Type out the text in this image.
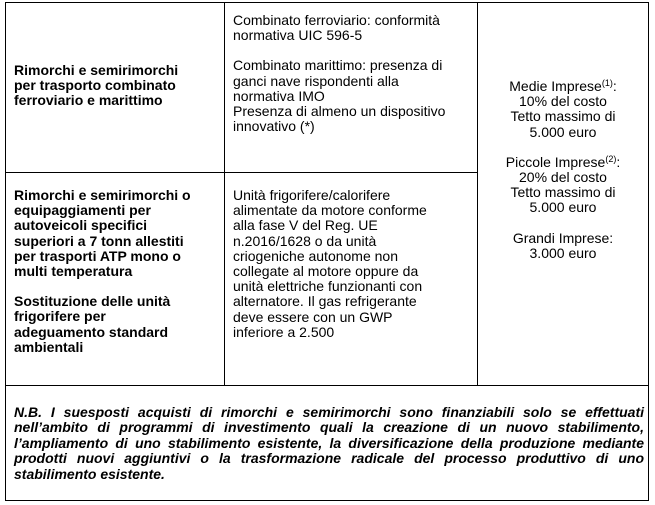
Rimorchi e semirimorchi
per trasporto combinato
ferroviario e marittimo
Combinato ferroviario: conformità
normativa UIC 596-5
Combinato marittimo: presenza di
ganci nave rispondenti alla
normativa IMO
Presenza di almeno un dispositivo
innovativo (*)
Rimorchi e semirimorchi o
equipaggiamenti per
autoveicoli specifici
superiori a 7 tonn allestiti
per trasporti ATP mono o
multi temperatura
Sostituzione delle unità
frigorifere per
adeguamento standard
ambientali
Unità frigorifere/calorifere
alimentate da motore conforme
alla fase V del Reg. UE
n.2016/1628 o da unità
criogeniche autonome non
collegate al motore oppure da
unità elettriche funzionanti con
alternatore. Il gas refrigerante
deve essere con un GWP
inferiore a 2.500
Medie Imprese$^{(1)}$:
10% del costo
Tetto massimo di
5.000 euro
Piccole Imprese$^{(2)}$:
20% del costo
Tetto massimo di
5.000 euro
Grandi Imprese:
3.000 euro

N.B. I suesposti acquisti di rimorchi e semirimorchi sono finanziabili solo se effettuati nell’ambito di programmi di investimento quali la creazione di un nuovo stabilimento, l’ampliamento di uno stabilimento esistente, la diversificazione della produzione mediante prodotti nuovi aggiuntivi o la trasformazione radicale del processo produttivo di uno stabilimento esistente.
